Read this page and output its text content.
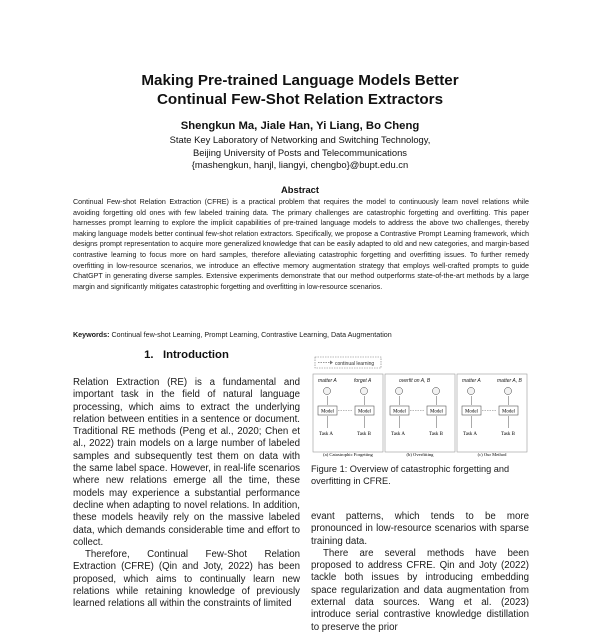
Making Pre-trained Language Models Better
Continual Few-Shot Relation Extractors
Shengkun Ma, Jiale Han, Yi Liang, Bo Cheng
State Key Laboratory of Networking and Switching Technology,
Beijing University of Posts and Telecommunications
{mashengkun, hanjl, liangyi, chengbo}@bupt.edu.cn
Abstract
Continual Few-shot Relation Extraction (CFRE) is a practical problem that requires the model to continuously learn novel relations while avoiding forgetting old ones with few labeled training data. The primary challenges are catastrophic forgetting and overfitting. This paper harnesses prompt learning to explore the implicit capabilities of pre-trained language models to address the above two challenges, thereby making language models better continual few-shot relation extractors. Specifically, we propose a Contrastive Prompt Learning framework, which designs prompt representation to acquire more generalized knowledge that can be easily adapted to old and new categories, and margin-based contrastive learning to focus more on hard samples, therefore alleviating catastrophic forgetting and overfitting issues. To further remedy overfitting in low-resource scenarios, we introduce an effective memory augmentation strategy that employs well-crafted prompts to guide ChatGPT in generating diverse samples. Extensive experiments demonstrate that our method outperforms state-of-the-art methods by a large margin and significantly mitigates catastrophic forgetting and overfitting in low-resource scenarios.
Keywords: Continual few-shot Learning, Prompt Learning, Contrastive Learning, Data Augmentation
1. Introduction

Relation Extraction (RE) is a fundamental and important task in the field of natural language processing, which aims to extract the underlying relation between entities in a sentence or document. Traditional RE methods (Peng et al., 2020; Chen et al., 2022) train models on a large number of labeled samples and subsequently test them on data with the same label space. However, in real-life scenarios where new relations emerge all the time, these models may experience a substantial performance decline when adapting to novel relations. In addition, these models heavily rely on the massive labeled data, which demands considerable time and effort to collect.

Therefore, Continual Few-Shot Relation Extraction (CFRE) (Qin and Joty, 2022) has been proposed, which aims to continually learn new relations while retaining knowledge of previously learned relations all within the constraints of limited

continual learning
matter A	forget A
Model	Model
Task A	Task B
(a) Catastrophic Forgetting
overfit on A, B
Model	Model
Task A	Task B
(b) Overfitting
matter A	matter A, B
Model	Model
Task A	Task B
(c) Our Method
Figure 1: Overview of catastrophic forgetting and overfitting in CFRE.

evant patterns, which tends to be more pronounced in low-resource scenarios with sparse training data.

There are several methods have been proposed to address CFRE. Qin and Joty (2022) tackle both issues by introducing embedding space regularization and data augmentation from external data sources. Wang et al. (2023) introduce serial contrastive knowledge distillation to preserve the prior
